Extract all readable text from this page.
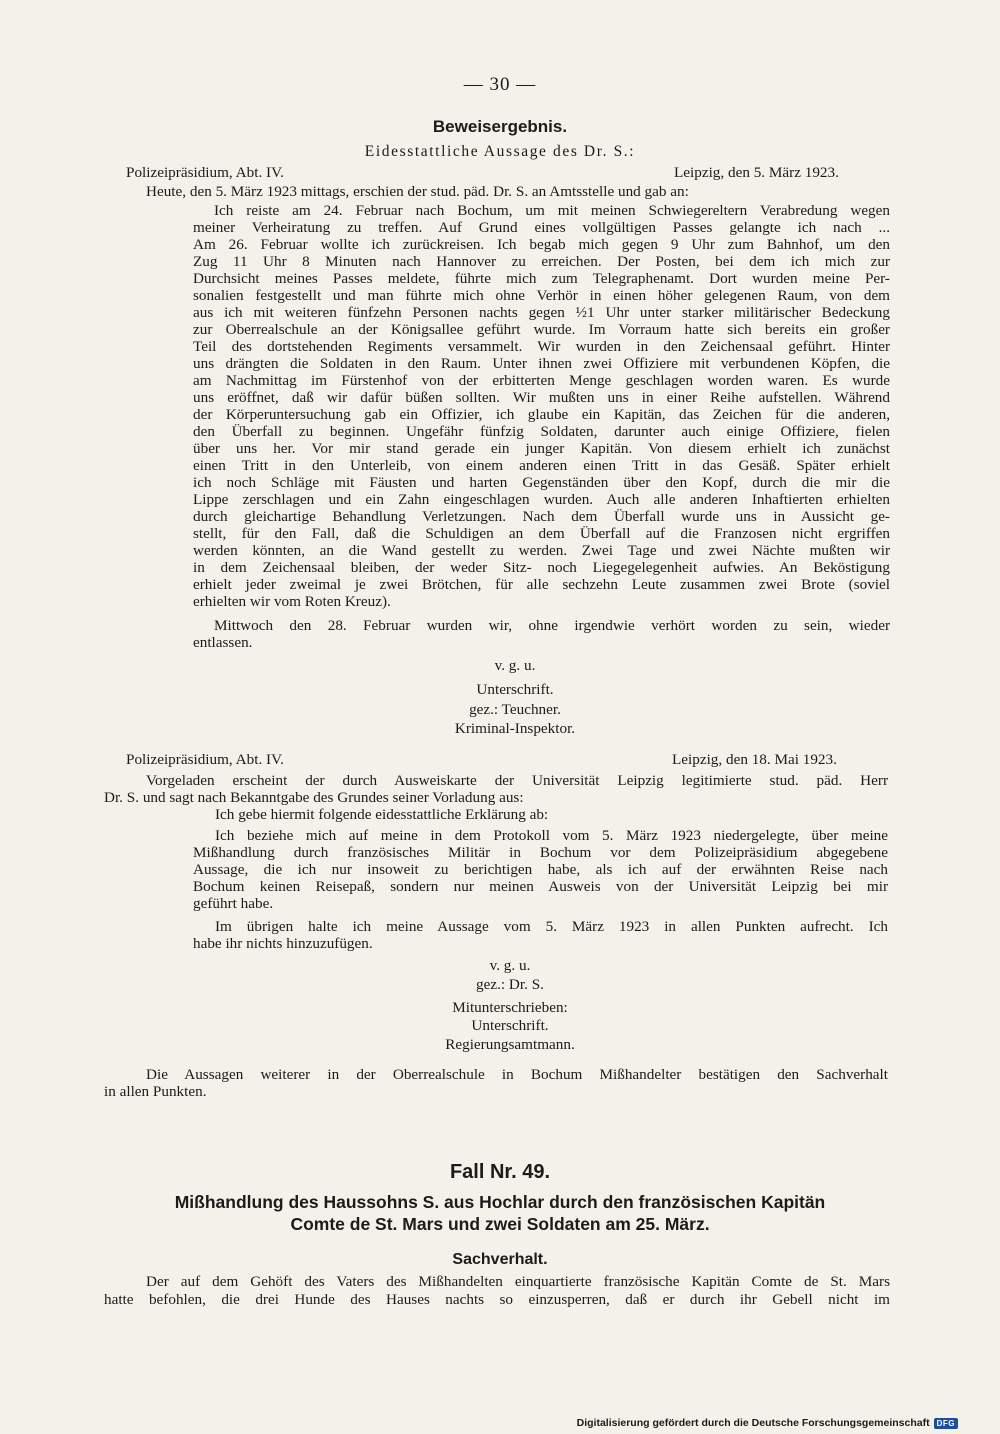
— 30 —
Beweisergebnis.
Eidesstattliche Aussage des Dr. S.:
Polizeipräsidium, Abt. IV.	Leipzig, den 5. März 1923.
Heute, den 5. März 1923 mittags, erschien der stud. päd. Dr. S. an Amtsstelle und gab an:
Ich reiste am 24. Februar nach Bochum, um mit meinen Schwiegereltern Verabredung wegen
meiner Verheiratung zu treffen. Auf Grund eines vollgültigen Passes gelangte ich nach ...
Am 26. Februar wollte ich zurückreisen. Ich begab mich gegen 9 Uhr zum Bahnhof, um den
Zug 11 Uhr 8 Minuten nach Hannover zu erreichen. Der Posten, bei dem ich mich zur
Durchsicht meines Passes meldete, führte mich zum Telegraphenamt. Dort wurden meine Per-
sonalien festgestellt und man führte mich ohne Verhör in einen höher gelegenen Raum, von dem
aus ich mit weiteren fünfzehn Personen nachts gegen ½1 Uhr unter starker militärischer Bedeckung
zur Oberrealschule an der Königsallee geführt wurde. Im Vorraum hatte sich bereits ein großer
Teil des dortstehenden Regiments versammelt. Wir wurden in den Zeichensaal geführt. Hinter
uns drängten die Soldaten in den Raum. Unter ihnen zwei Offiziere mit verbundenen Köpfen, die
am Nachmittag im Fürstenhof von der erbitterten Menge geschlagen worden waren. Es wurde
uns eröffnet, daß wir dafür büßen sollten. Wir mußten uns in einer Reihe aufstellen. Während
der Körperuntersuchung gab ein Offizier, ich glaube ein Kapitän, das Zeichen für die anderen,
den Überfall zu beginnen. Ungefähr fünfzig Soldaten, darunter auch einige Offiziere, fielen
über uns her. Vor mir stand gerade ein junger Kapitän. Von diesem erhielt ich zunächst
einen Tritt in den Unterleib, von einem anderen einen Tritt in das Gesäß. Später erhielt
ich noch Schläge mit Fäusten und harten Gegenständen über den Kopf, durch die mir die
Lippe zerschlagen und ein Zahn eingeschlagen wurden. Auch alle anderen Inhaftierten erhielten
durch gleichartige Behandlung Verletzungen. Nach dem Überfall wurde uns in Aussicht ge-
stellt, für den Fall, daß die Schuldigen an dem Überfall auf die Franzosen nicht ergriffen
werden könnten, an die Wand gestellt zu werden. Zwei Tage und zwei Nächte mußten wir
in dem Zeichensaal bleiben, der weder Sitz- noch Liegegelegenheit aufwies. An Beköstigung
erhielt jeder zweimal je zwei Brötchen, für alle sechzehn Leute zusammen zwei Brote (soviel
erhielten wir vom Roten Kreuz).
Mittwoch den 28. Februar wurden wir, ohne irgendwie verhört worden zu sein, wieder
entlassen.
v. g. u.
Unterschrift.
gez.: Teuchner.
Kriminal-Inspektor.
Polizeipräsidium, Abt. IV.	Leipzig, den 18. Mai 1923.
Vorgeladen erscheint der durch Ausweiskarte der Universität Leipzig legitimierte stud. päd. Herr
Dr. S. und sagt nach Bekanntgabe des Grundes seiner Vorladung aus:
Ich gebe hiermit folgende eidesstattliche Erklärung ab:
Ich beziehe mich auf meine in dem Protokoll vom 5. März 1923 niedergelegte, über meine
Mißhandlung durch französisches Militär in Bochum vor dem Polizeipräsidium abgegebene
Aussage, die ich nur insoweit zu berichtigen habe, als ich auf der erwähnten Reise nach
Bochum keinen Reisepaß, sondern nur meinen Ausweis von der Universität Leipzig bei mir
geführt habe.
Im übrigen halte ich meine Aussage vom 5. März 1923 in allen Punkten aufrecht. Ich
habe ihr nichts hinzuzufügen.
v. g. u.
gez.: Dr. S.
Mitunterschrieben:
Unterschrift.
Regierungsamtmann.
Die Aussagen weiterer in der Oberrealschule in Bochum Mißhandelter bestätigen den Sachverhalt
in allen Punkten.
Fall Nr. 49.
Mißhandlung des Haussohns S. aus Hochlar durch den französischen Kapitän
Comte de St. Mars und zwei Soldaten am 25. März.
Sachverhalt.
Der auf dem Gehöft des Vaters des Mißhandelten einquartierte französische Kapitän Comte de St. Mars
hatte befohlen, die drei Hunde des Hauses nachts so einzusperren, daß er durch ihr Gebell nicht im
Digitalisierung gefördert durch die Deutsche Forschungsgemeinschaft DFG
